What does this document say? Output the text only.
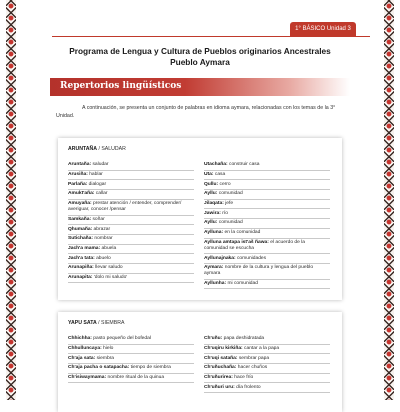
1° BÁSICO Unidad 3
Programa de Lengua y Cultura de Pueblos originarios Ancestrales
Pueblo Aymara
Repertorios lingüísticos
A continuación, se presenta un conjunto de palabras en idioma aymara, relacionadas con los temas de la 3° Unidad.
ARUNTAÑA / SALUDAR
Aruntaña: saludar
Arusiña: hablar
Parlaña: dialogar
Amukt'aña: callar
Amuyaña: prestar atención / entender, comprender/ averiguar, conocer /pensar
Samkaña: soñar
Qhumaña: abrazar
Sutichaña: nombrar
Jach'a mama: abuela
Jach'a tata: abuelo
Arunapiña: llevar saludo
Arunapita: 'dolo mi saludo'
Utachaña: construir casa
Uta: casa
Qullu: cerro
Ayllu: comunidad
Jilaqata: jefe
Jawira: río
Ayllu: comunidad
Aylluna: en la comunidad
Aylluna amtapa ist'aš ñawa: el acuerdo de la comunidad se escucha
Ayllunajnaka: comunidades
Aymara: nombre de la cultura y lengua del pueblo aymara
Ayllunha: mi comunidad
YAPU SATA / SIEMBRA
Chhichha: pasto pequeño del bofedal
Chhulluncaya: hielo
Ch'aja sata: siembra
Ch'aja pacha o satapacha: tiempo de siembra
Ch'isiwaymama: nombre ritual de la quinua
Ch'uñu: papa deshidratada
Ch'uqiru kirkiña: cantar a la papa
Ch'uqi sataña: sembrar papa
Ch'uñuchaña: hacer chuños
Ch'uñurirea: hace frío
Ch'uñuri uru: día frolento
